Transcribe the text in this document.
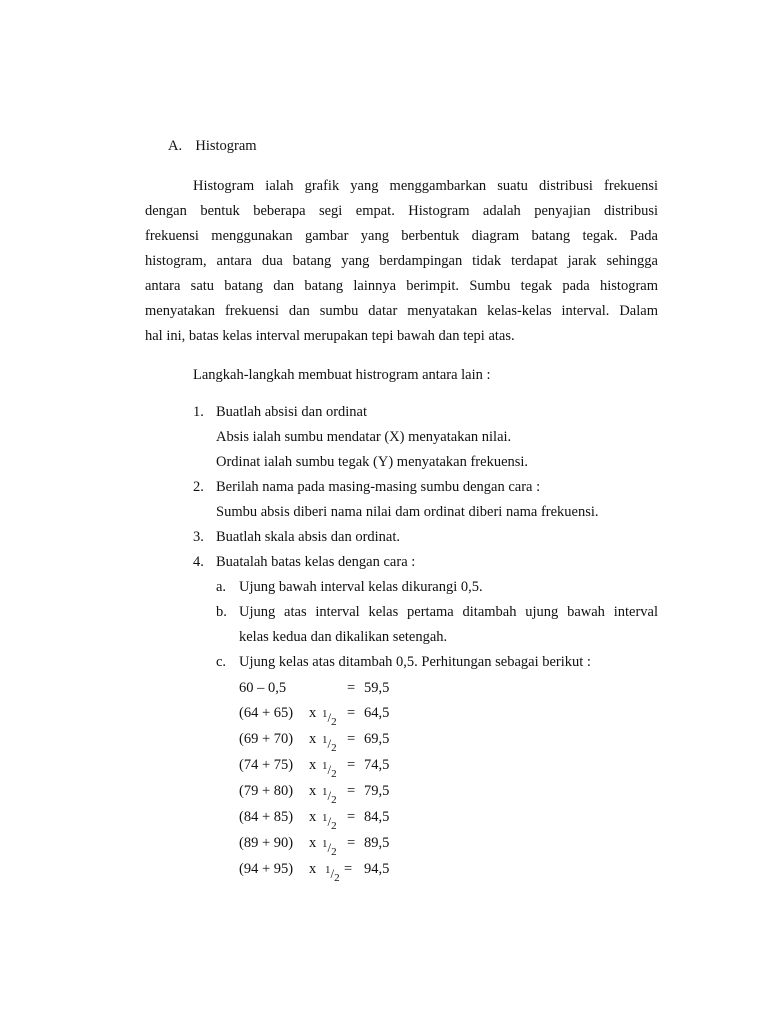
A. Histogram
Histogram ialah grafik yang menggambarkan suatu distribusi frekuensi
dengan bentuk beberapa segi empat. Histogram adalah penyajian distribusi
frekuensi menggunakan gambar yang berbentuk diagram batang tegak. Pada
histogram, antara dua batang yang berdampingan tidak terdapat jarak sehingga
antara satu batang dan batang lainnya berimpit. Sumbu tegak pada histogram
menyatakan frekuensi dan sumbu datar menyatakan kelas-kelas interval. Dalam
hal ini, batas kelas interval merupakan tepi bawah dan tepi atas.
Langkah-langkah membuat histrogram antara lain :
1. Buatlah absisi dan ordinat
Absis ialah sumbu mendatar (X) menyatakan nilai.
Ordinat ialah sumbu tegak (Y) menyatakan frekuensi.
2. Berilah nama pada masing-masing sumbu dengan cara :
Sumbu absis diberi nama nilai dam ordinat diberi nama frekuensi.
3. Buatlah skala absis dan ordinat.
4. Buatalah batas kelas dengan cara :
a. Ujung bawah interval kelas dikurangi 0,5.
b. Ujung atas interval kelas pertama ditambah ujung bawah interval
kelas kedua dan dikalikan setengah.
c. Ujung kelas atas ditambah 0,5. Perhitungan sebagai berikut :
60 – 0,5	= 59,5
(64 + 65) x $^1/_2$
= 64,5
(69 + 70) x $^1/_2$
= 69,5
(74 + 75) x $^1/_2$
= 74,5
(79 + 80) x $^1/_2$
= 79,5
(84 + 85) x $^1/_2$
= 84,5
(89 + 90) x $^1/_2$
= 89,5
(94 + 95) x $^1/_2$
= 94,5
